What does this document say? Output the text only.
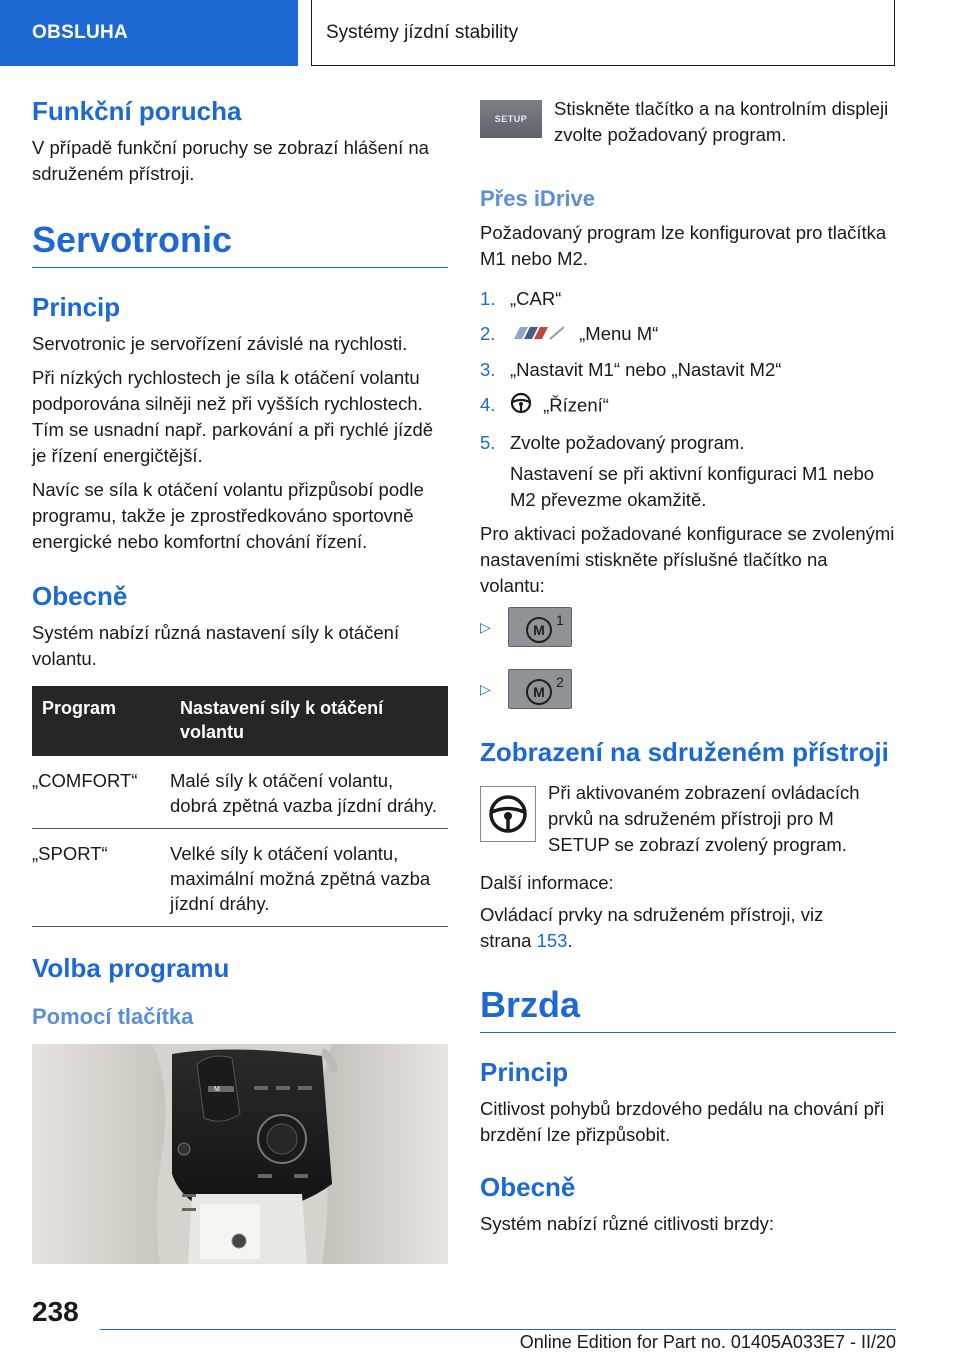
OBSLUHA	Systémy jízdní stability
Funkční porucha

V případě funkční poruchy se zobrazí hlášení na sdruženém přístroji.

Servotronic
Princip

Servotronic je servořízení závislé na rychlosti.

Při nízkých rychlostech je síla k otáčení volantu podporována silněji než při vyšších rychlostech. Tím se usnadní např. parkování a při rychlé jízdě je řízení energičtější.

Navíc se síla k otáčení volantu přizpůsobí podle programu, takže je zprostředkováno sportovně energické nebo komfortní chování řízení.

Obecně

Systém nabízí různá nastavení síly k otáčení volantu.

Program	Nastavení síly k otáčení volantu
„COMFORT“	Malé síly k otáčení volantu, dobrá zpětná vazba jízdní dráhy.
„SPORT“	Velké síly k otáčení volantu, maximální možná zpětná vazba jízdní dráhy.
Volba programu
Pomocí tlačítka
M
SETUP	Stiskněte tlačítko a na kontrolním displeji zvolte požadovaný program.

Přes iDrive

Požadovaný program lze konfigurovat pro tlačítka M1 nebo M2.

1. „CAR“
2.	„Menu M“
3. „Nastavit M1“ nebo „Nastavit M2“
4.	„Řízení“
5. Zvolte požadovaný program.

Nastavení se při aktivní konfiguraci M1 nebo M2 převezme okamžitě.

Pro aktivaci požadované konfigurace se zvolenými nastaveními stiskněte příslušné tlačítko na volantu:

▷	M
1
▷	M
2
Zobrazení na sdruženém přístroji

Při aktivovaném zobrazení ovládacích prvků na sdruženém přístroji pro M SETUP se zobrazí zvolený program.

Další informace:

Ovládací prvky na sdruženém přístroji, viz strana 153.

Brzda
Princip

Citlivost pohybů brzdového pedálu na chování při brzdění lze přizpůsobit.

Obecně

Systém nabízí různé citlivosti brzdy:

238
Online Edition for Part no. 01405A033E7 - II/20
